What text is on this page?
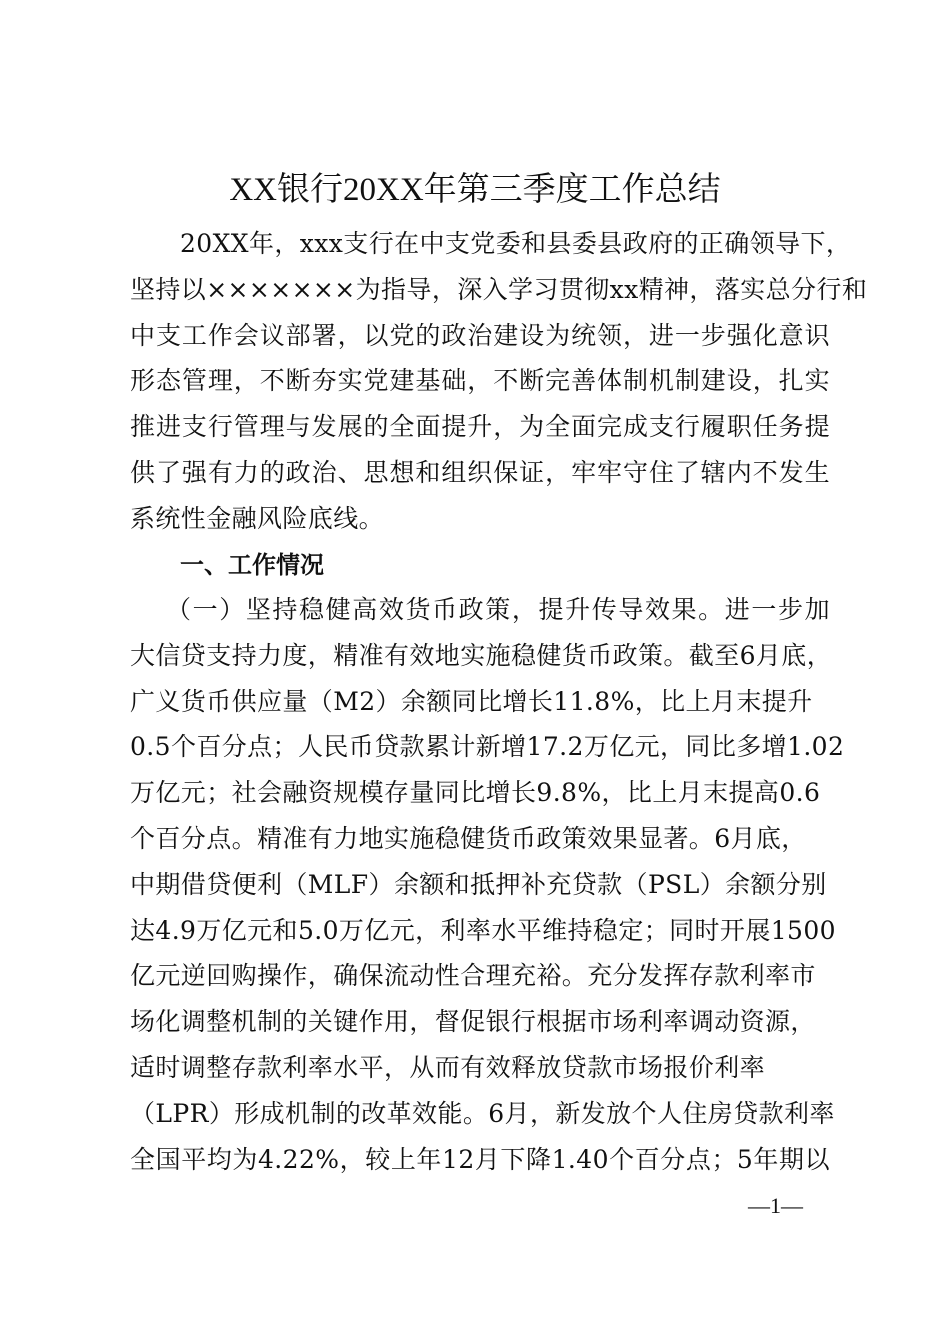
XX银行20XX年第三季度工作总结
20XX年，xxx支行在中支党委和县委县政府的正确领导下，
坚持以×××××××为指导，深入学习贯彻xx精神，落实总分行和
中支工作会议部署，以党的政治建设为统领，进一步强化意识
形态管理，不断夯实党建基础，不断完善体制机制建设，扎实
推进支行管理与发展的全面提升，为全面完成支行履职任务提
供了强有力的政治、思想和组织保证，牢牢守住了辖内不发生
系统性金融风险底线。
一、工作情况
（一）坚持稳健高效货币政策，提升传导效果。进一步加
大信贷支持力度，精准有效地实施稳健货币政策。截至6月底，
广义货币供应量（M2）余额同比增长11.8%，比上月末提升
0.5个百分点；人民币贷款累计新增17.2万亿元，同比多增1.02
万亿元；社会融资规模存量同比增长9.8%，比上月末提高0.6
个百分点。精准有力地实施稳健货币政策效果显著。6月底，
中期借贷便利（MLF）余额和抵押补充贷款（PSL）余额分别
达4.9万亿元和5.0万亿元，利率水平维持稳定；同时开展1500
亿元逆回购操作，确保流动性合理充裕。充分发挥存款利率市
场化调整机制的关键作用，督促银行根据市场利率调动资源，
适时调整存款利率水平，从而有效释放贷款市场报价利率
（LPR）形成机制的改革效能。6月，新发放个人住房贷款利率
全国平均为4.22%，较上年12月下降1.40个百分点；5年期以
—1—
